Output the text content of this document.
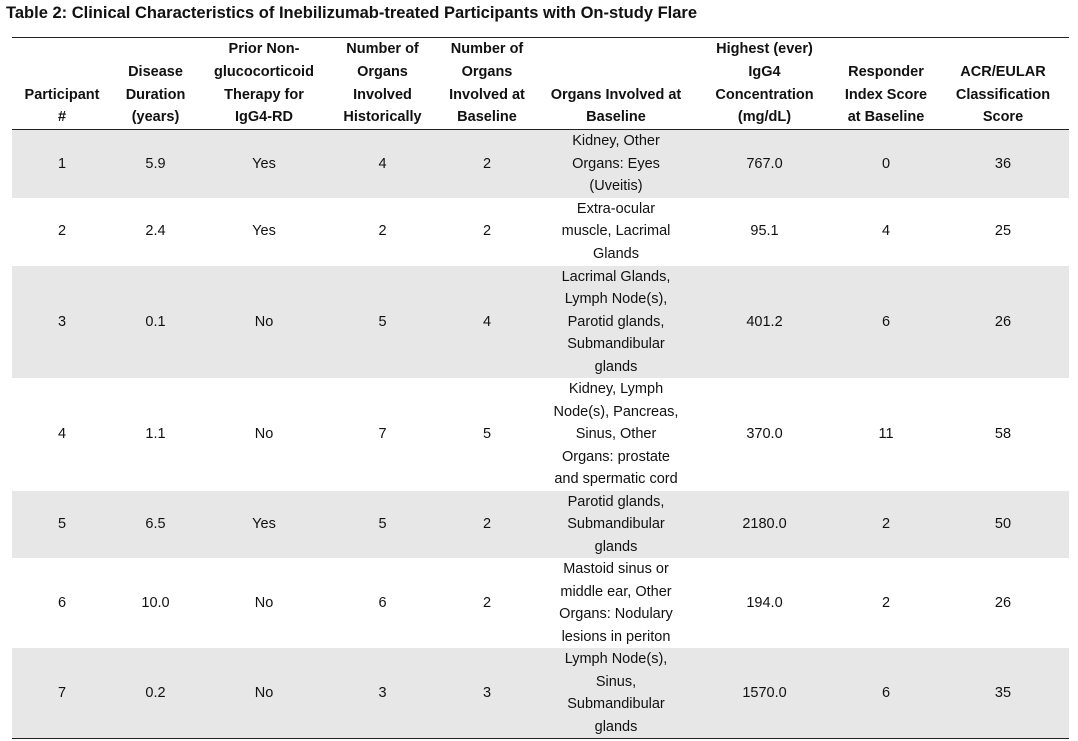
Table 2: Clinical Characteristics of Inebilizumab-treated Participants with On-study Flare
Participant
#	Disease
Duration
(years)	Prior Non-
glucocorticoid
Therapy for
IgG4-RD	Number of
Organs
Involved
Historically	Number of
Organs
Involved at
Baseline	Organs Involved at
Baseline	Highest (ever)
IgG4
Concentration
(mg/dL)	Responder
Index Score
at Baseline	ACR/EULAR
Classification
Score

1	5.9	Yes	4	2	Kidney, Other
Organs: Eyes
(Uveitis)	767.0	0	36
2	2.4	Yes	2	2	Extra-ocular
muscle, Lacrimal
Glands	95.1	4	25
3	0.1	No	5	4	Lacrimal Glands,
Lymph Node(s),
Parotid glands,
Submandibular
glands	401.2	6	26
4	1.1	No	7	5	Kidney, Lymph
Node(s), Pancreas,
Sinus, Other
Organs: prostate
and spermatic cord	370.0	11	58
5	6.5	Yes	5	2	Parotid glands,
Submandibular
glands	2180.0	2	50
6	10.0	No	6	2	Mastoid sinus or
middle ear, Other
Organs: Nodulary
lesions in periton	194.0	2	26
7	0.2	No	3	3	Lymph Node(s),
Sinus,
Submandibular
glands	1570.0	6	35
